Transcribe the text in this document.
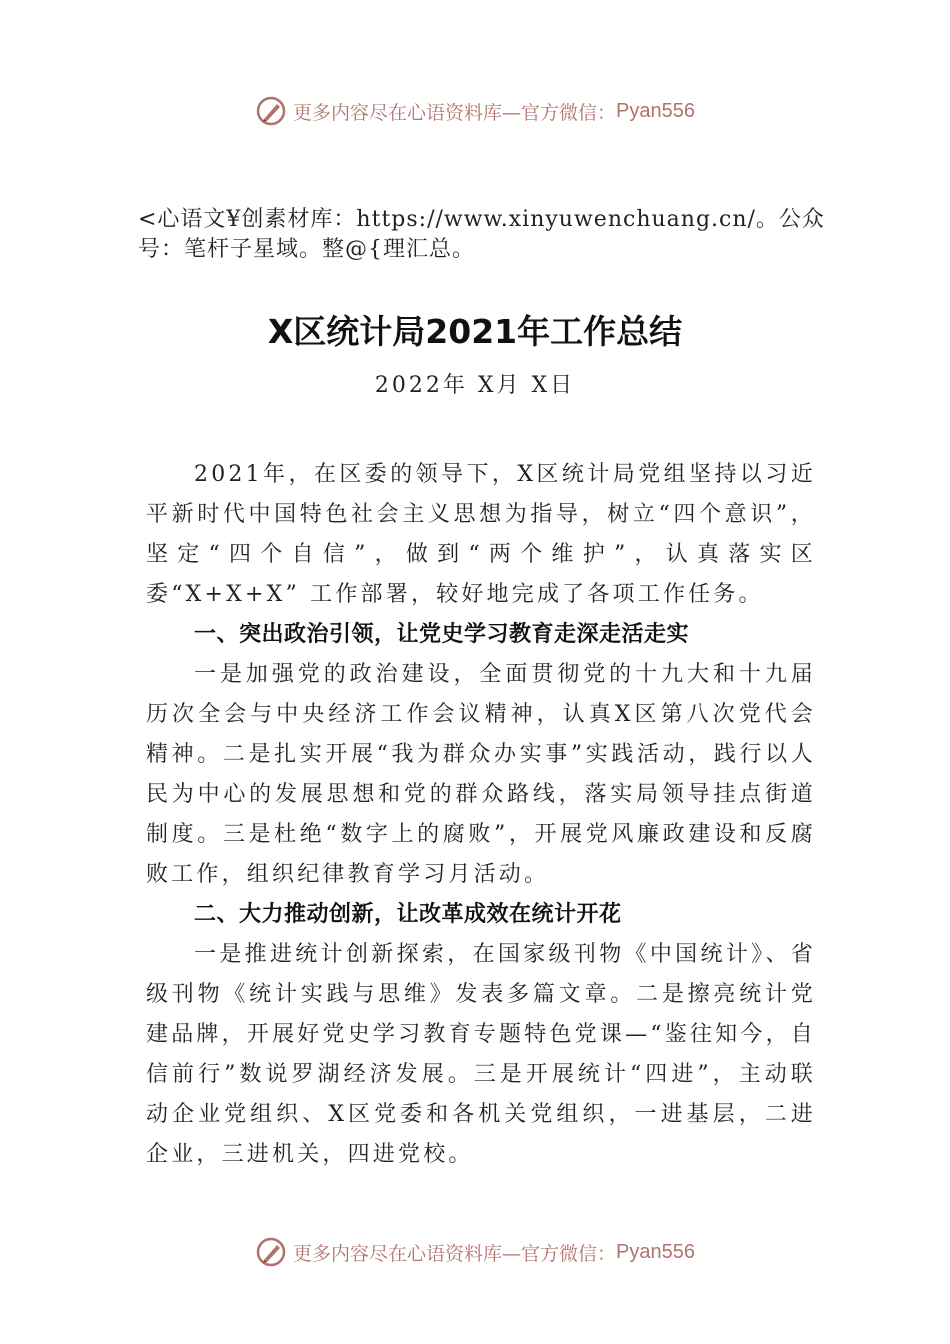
更多内容尽在心语资料库—官方微信： Pyan556
<心语文¥创素材库：https://www.xinyuwenchuang.cn/。公众号：笔杆子星域。整@{理汇总。
X区统计局2021年工作总结
2022年 X月 X日

2021年，在区委的领导下，X区统计局党组坚持以习近平新时代中国特色社会主义思想为指导，树立“四个意识”，坚定“四个自信”，做到“两个维护”，认真落实区委“X+X+X” 工作部署，较好地完成了各项工作任务。

一、突出政治引领，让党史学习教育走深走活走实

一是加强党的政治建设，全面贯彻党的十九大和十九届历次全会与中央经济工作会议精神，认真X区第八次党代会精神。二是扎实开展“我为群众办实事”实践活动，践行以人民为中心的发展思想和党的群众路线，落实局领导挂点街道制度。三是杜绝“数字上的腐败”，开展党风廉政建设和反腐败工作，组织纪律教育学习月活动。

二、大力推动创新，让改革成效在统计开花

一是推进统计创新探索，在国家级刊物《中国统计》、省级刊物《统计实践与思维》发表多篇文章。二是擦亮统计党建品牌，开展好党史学习教育专题特色党课—“鉴往知今，自信前行”数说罗湖经济发展。三是开展统计“四进”，主动联动企业党组织、X区党委和各机关党组织，一进基层，二进企业，三进机关，四进党校。

更多内容尽在心语资料库—官方微信： Pyan556
